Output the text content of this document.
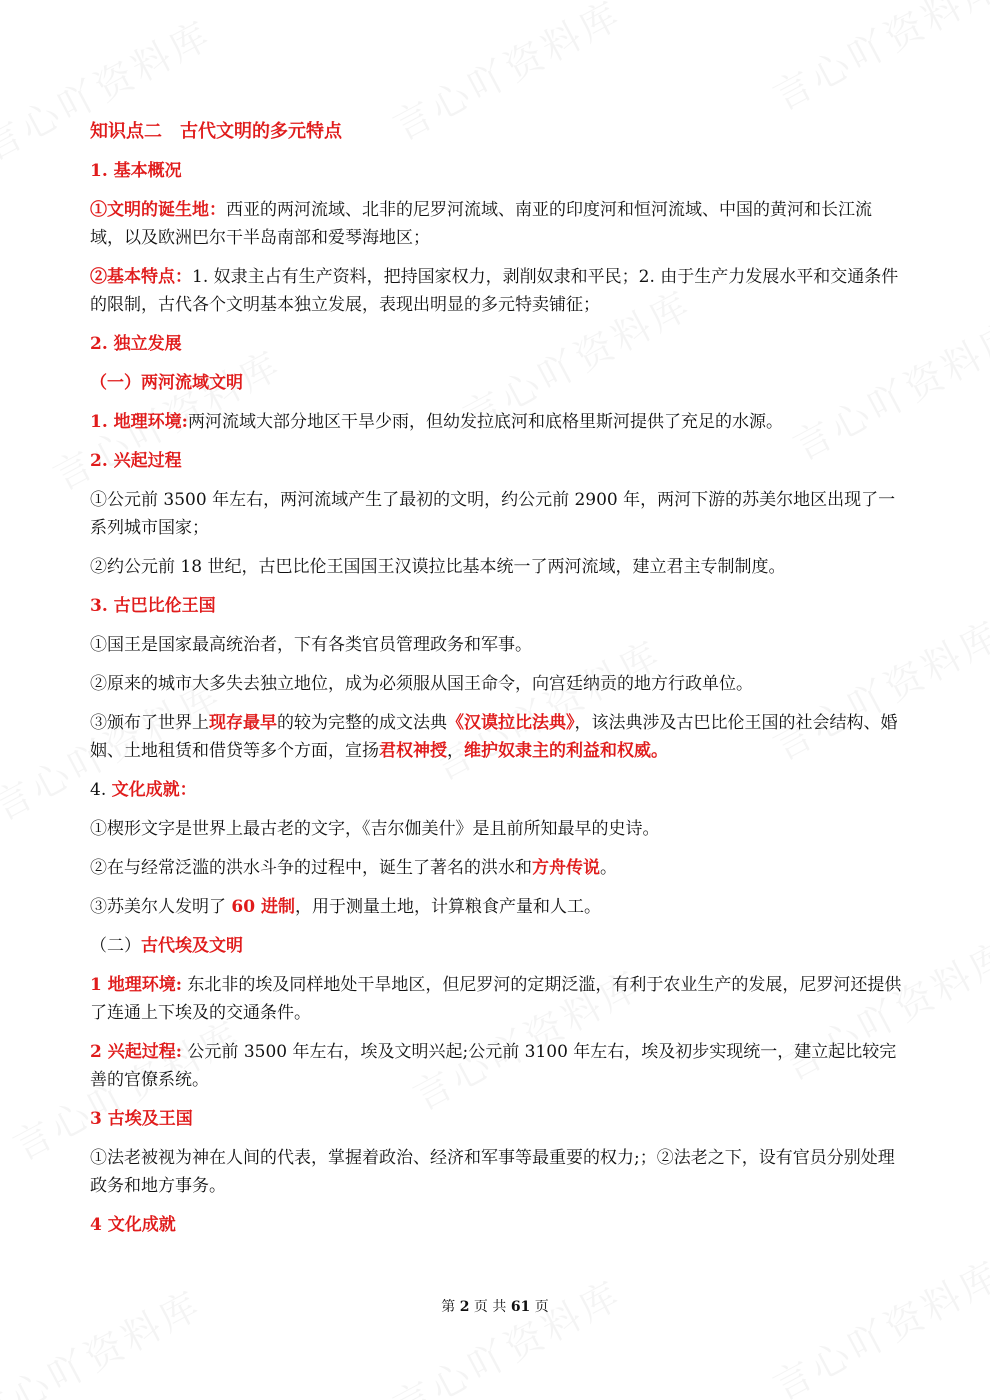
知识点二　古代文明的多元特点

1. 基本概况

①文明的诞生地：西亚的两河流域、北非的尼罗河流域、南亚的印度河和恒河流域、中国的黄河和长江流域，以及欧洲巴尔干半岛南部和爱琴海地区；

②基本特点：1. 奴隶主占有生产资料，把持国家权力，剥削奴隶和平民；2. 由于生产力发展水平和交通条件的限制，古代各个文明基本独立发展，表现出明显的多元特卖铺征；

2. 独立发展

（一）两河流域文明

1. 地理环境:两河流域大部分地区干旱少雨，但幼发拉底河和底格里斯河提供了充足的水源。

2. 兴起过程

①公元前 3500 年左右，两河流域产生了最初的文明，约公元前 2900 年，两河下游的苏美尔地区出现了一系列城市国家；

②约公元前 18 世纪，古巴比伦王国国王汉谟拉比基本统一了两河流域，建立君主专制制度。

3. 古巴比伦王国

①国王是国家最高统治者，下有各类官员管理政务和军事。

②原来的城市大多失去独立地位，成为必须服从国王命令，向宫廷纳贡的地方行政单位。

③颁布了世界上现存最早的较为完整的成文法典《汉谟拉比法典》，该法典涉及古巴比伦王国的社会结构、婚姻、土地租赁和借贷等多个方面，宣扬君权神授，维护奴隶主的利益和权威。

4. 文化成就：

①楔形文字是世界上最古老的文字，《吉尔伽美什》是且前所知最早的史诗。

②在与经常泛滥的洪水斗争的过程中，诞生了著名的洪水和方舟传说。

③苏美尔人发明了 60 进制，用于测量土地，计算粮食产量和人工。

（二）古代埃及文明

1 地理环境: 东北非的埃及同样地处干旱地区，但尼罗河的定期泛滥，有利于农业生产的发展，尼罗河还提供了连通上下埃及的交通条件。

2 兴起过程: 公元前 3500 年左右，埃及文明兴起;公元前 3100 年左右，埃及初步实现统一，建立起比较完善的官僚系统。

3 古埃及王国

①法老被视为神在人间的代表，掌握着政治、经济和军事等最重要的权力;；②法老之下，设有官员分别处理政务和地方事务。

4 文化成就

第 2 页 共 61 页
